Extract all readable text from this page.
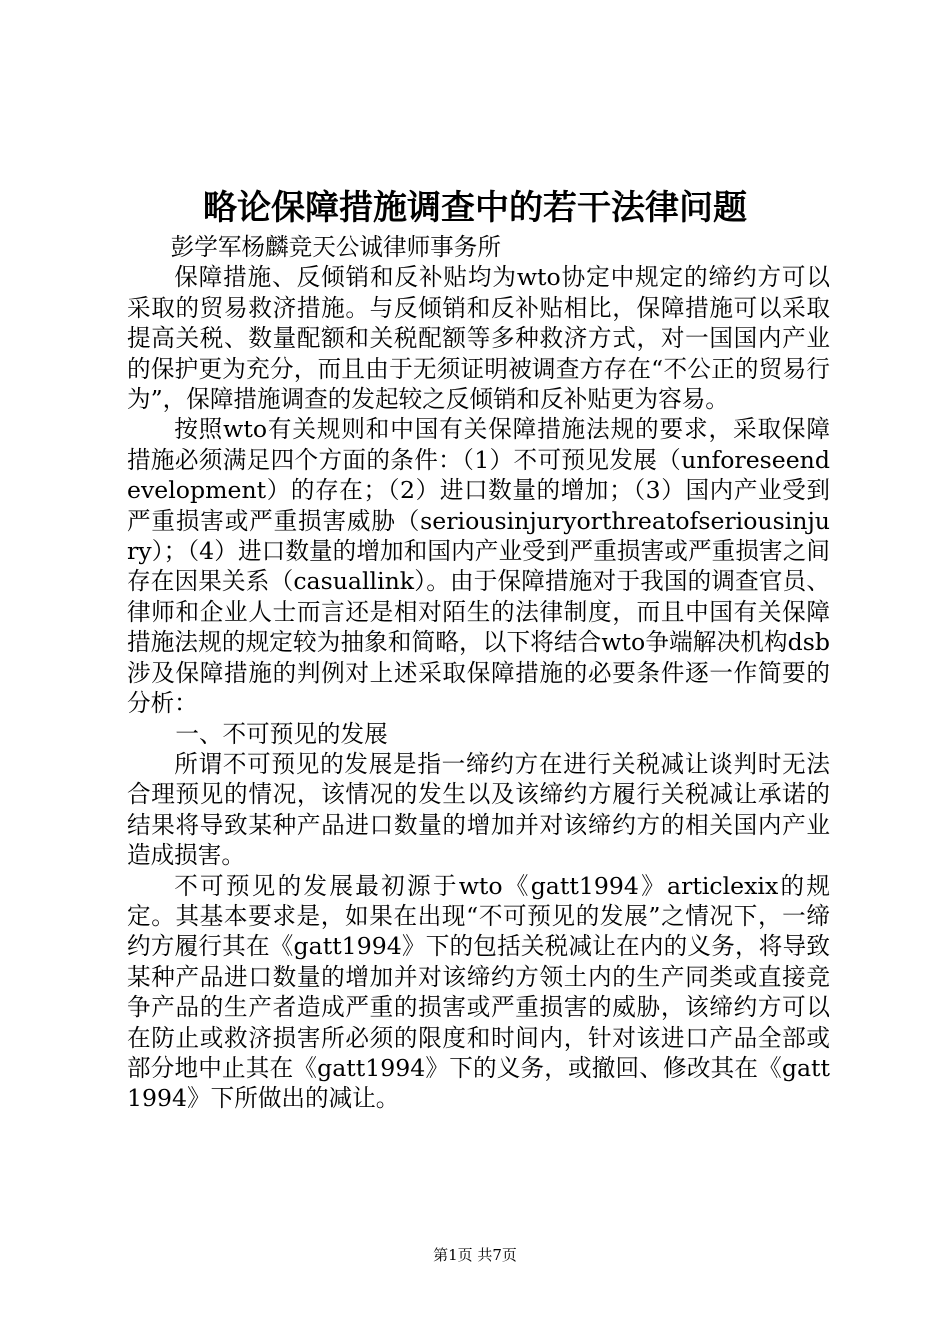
略论保障措施调查中的若干法律问题

彭学军杨麟竞天公诚律师事务所

保障措施、反倾销和反补贴均为wto协定中规定的缔约方可以采取的贸易救济措施。与反倾销和反补贴相比，保障措施可以采取提高关税、数量配额和关税配额等多种救济方式，对一国国内产业的保护更为充分，而且由于无须证明被调查方存在“不公正的贸易行为”，保障措施调查的发起较之反倾销和反补贴更为容易。

按照wto有关规则和中国有关保障措施法规的要求，采取保障措施必须满足四个方面的条件：（1）不可预见发展（unforeseendevelopment）的存在；（2）进口数量的增加；（3）国内产业受到严重损害或严重损害威胁（seriousinjuryorthreatofseriousinjury）；（4）进口数量的增加和国内产业受到严重损害或严重损害之间存在因果关系（casuallink）。由于保障措施对于我国的调查官员、律师和企业人士而言还是相对陌生的法律制度，而且中国有关保障措施法规的规定较为抽象和简略，以下将结合wto争端解决机构dsb涉及保障措施的判例对上述采取保障措施的必要条件逐一作简要的分析：

一、不可预见的发展

所谓不可预见的发展是指一缔约方在进行关税减让谈判时无法合理预见的情况，该情况的发生以及该缔约方履行关税减让承诺的结果将导致某种产品进口数量的增加并对该缔约方的相关国内产业造成损害。

不可预见的发展最初源于wto《gatt1994》articlexix的规定。其基本要求是，如果在出现“不可预见的发展”之情况下，一缔约方履行其在《gatt1994》下的包括关税减让在内的义务，将导致某种产品进口数量的增加并对该缔约方领土内的生产同类或直接竞争产品的生产者造成严重的损害或严重损害的威胁，该缔约方可以在防止或救济损害所必须的限度和时间内，针对该进口产品全部或部分地中止其在《gatt1994》下的义务，或撤回、修改其在《gatt1994》下所做出的减让。

第1页 共7页
